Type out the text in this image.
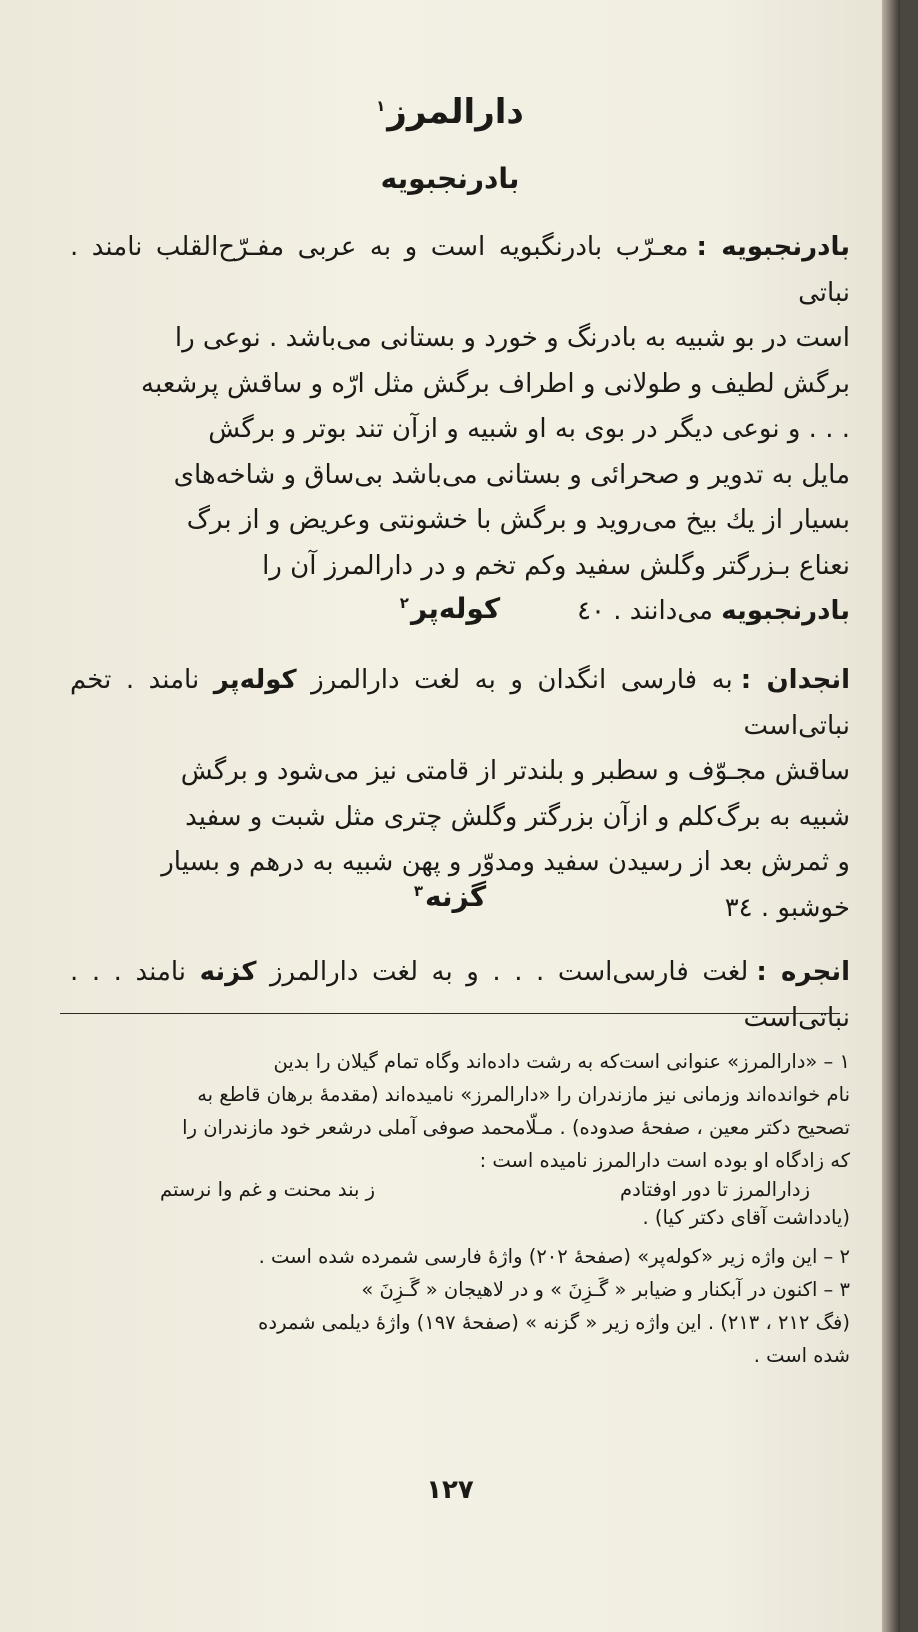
دارالمرز$^۱$
بادرنجبویه

بادرنجبویه :معـرّب بادرنگبویه است و به عربی مفـرّح‌القلب نامند . نباتی

است در بو شبیه به بادرنگ و خورد و بستانی می‌باشد . نوعی را

برگش لطیف و طولانی و اطراف برگش مثل ارّه و ساقش پرشعبه

. . . و نوعی دیگر در بوی به او شبیه و ازآن تند بوتر و برگش

مایل به تدویر و صحرائی و بستانی می‌باشد بی‌ساق و شاخه‌های

بسیار از یك بیخ می‌روید و برگش با خشونتی وعریض و از برگ

نعناع بـزرگتر وگلش سفید وکم تخم و در دارالمرز آن را

بادرنجبویه می‌دانند . ٤٠

کوله‌پر$^۲$

انجدان :به فارسی انگدان و به لغت دارالمرز کوله‌پر نامند . تخم نباتی‌است

ساقش مجـوّف و سطبر و بلندتر از قامتی نیز می‌شود و برگش

شبیه به برگ‌کلم و ازآن بزرگتر وگلش چتری مثل شبت و سفید

و ثمرش بعد از رسیدن سفید ومدوّر و پهن شبیه به درهم و بسیار

خوشبو . ٣٤

گزنه$^۳$

انجره :لغت فارسی‌است . . . و به لغت دارالمرز کزنه نامند . . . نباتی‌است

۱ – «دارالمرز» عنوانی است‌که به رشت داده‌اند وگاه تمام گیلان را بدین

نام خوانده‌اند وزمانی نیز مازندران را «دارالمرز» نامیده‌اند (مقدمهٔ برهان قاطع به

تصحیح دکتر معین ، صفحهٔ صدوده) . مـلّامحمد صوفی آملی درشعر خود مازندران را

که زادگاه او بوده است دارالمرز نامیده است :

زدارالمرز تا دور اوفتادم
ز بند محنت و غم وا نرستم

(یادداشت آقای دکتر کیا) .

۲ – این واژه زیر «کوله‌پر» (صفحهٔ ۲۰۲) واژهٔ فارسی شمرده شده است .

۳ – اکنون در آبکنار و ضیابر « گَـزِنَ » و در لاهیجان « گَـزِنَ »

(فگ ۲۱۲ ، ۲۱۳) . این واژه زیر « گزنه » (صفحهٔ ۱۹۷) واژهٔ دیلمی شمرده

شده است .

۱۲۷
